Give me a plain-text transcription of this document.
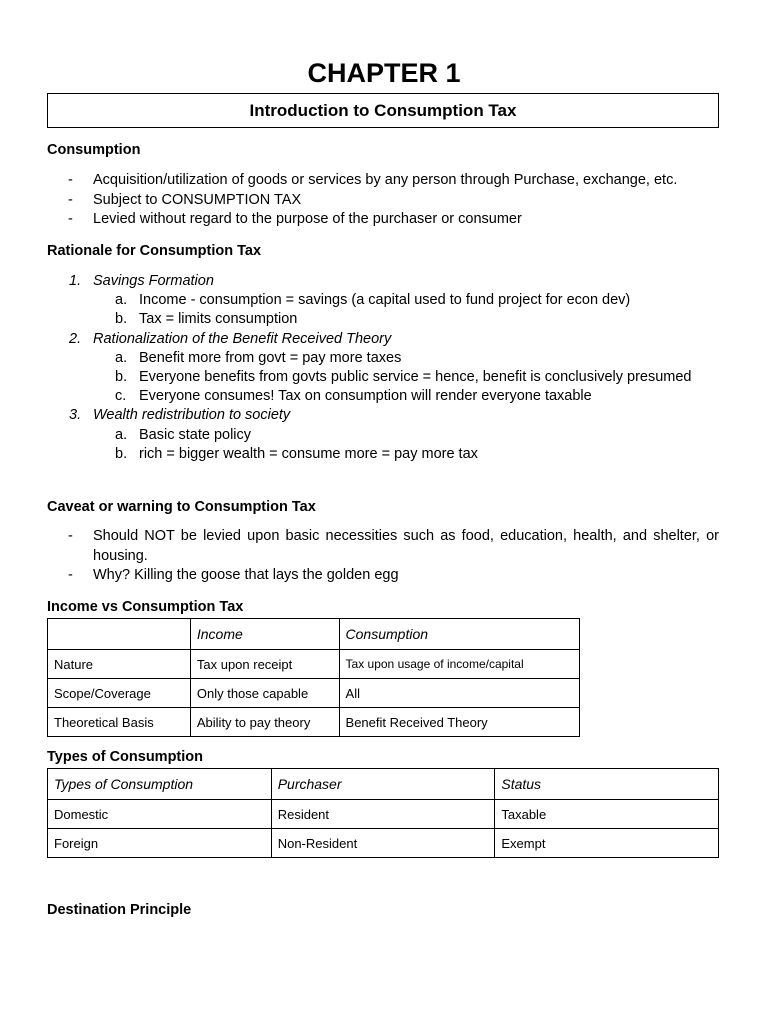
CHAPTER 1
Introduction to Consumption Tax
Consumption
- Acquisition/utilization of goods or services by any person through Purchase, exchange, etc.
- Subject to CONSUMPTION TAX
- Levied without regard to the purpose of the purchaser or consumer
Rationale for Consumption Tax
1. Savings Formation
a. Income - consumption = savings (a capital used to fund project for econ dev)
b. Tax = limits consumption
2. Rationalization of the Benefit Received Theory
a. Benefit more from govt = pay more taxes
b. Everyone benefits from govts public service = hence, benefit is conclusively presumed
c. Everyone consumes! Tax on consumption will render everyone taxable
3. Wealth redistribution to society
a. Basic state policy
b. rich = bigger wealth = consume more = pay more tax
Caveat or warning to Consumption Tax
- Should NOT be levied upon basic necessities such as food, education, health, and shelter, or housing.
- Why? Killing the goose that lays the golden egg
Income vs Consumption Tax
	Income	Consumption
Nature	Tax upon receipt	Tax upon usage of income/capital
Scope/Coverage	Only those capable	All
Theoretical Basis	Ability to pay theory	Benefit Received Theory
Types of Consumption
Types of Consumption	Purchaser	Status
Domestic	Resident	Taxable
Foreign	Non-Resident	Exempt
Destination Principle
